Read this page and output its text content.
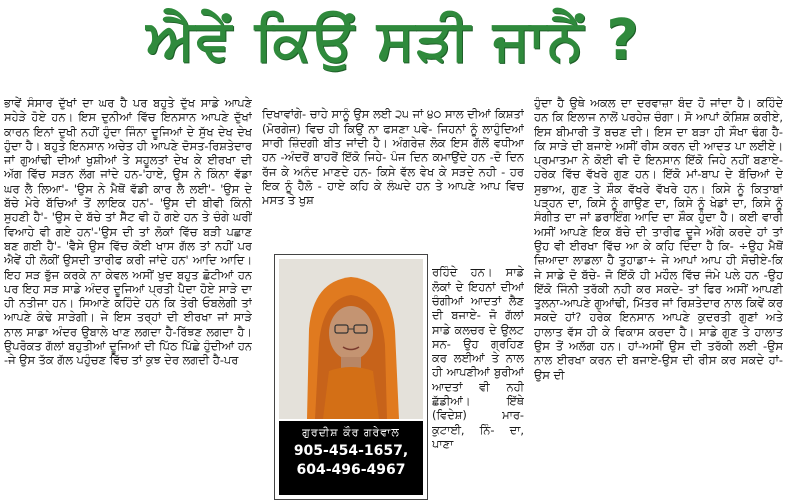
ਐਵੇਂ ਕਿਉਂ ਸੜੀ ਜਾਨੈਂ ?

ਭਾਵੇਂ ਸੰਸਾਰ ਦੁੱਖਾਂ ਦਾ ਘਰ ਹੈ ਪਰ ਬਹੁਤੇ ਦੁੱਖ ਸਾਡੇ ਆਪਣੇ ਸਹੇੜੇ ਹੋਏ ਹਨ। ਇਸ ਦੁਨੀਆਂ ਵਿੱਚ ਇਨਸਾਨ ਆਪਣੇ ਦੁੱਖਾਂ ਕਾਰਨ ਇਨਾਂ ਦੁਖੀ ਨਹੀਂ ਹੁੰਦਾ ਜਿੰਨਾ ਦੂਜਿਆਂ ਦੇ ਸੁੱਖ ਦੇਖ ਦੇਖ ਹੁੰਦਾ ਹੈ। ਬਹੁਤੇ ਇਨਸਾਨ ਅਚੇਤ ਹੀ ਆਪਣੇ ਦੋਸਤ-ਰਿਸ਼ਤੇਦਾਰ ਜਾਂ ਗੁਆਂਢੀ ਦੀਆਂ ਖੁਸ਼ੀਆਂ ਤੇ ਸਹੂਲਤਾਂ ਦੇਖ ਕੇ ਈਰਖਾ ਦੀ ਅੱਗ ਵਿੱਚ ਸੜਨ ਲੱਗ ਜਾਂਦੇ ਹਨ-'ਹਾਏ, ਉਸ ਨੇ ਕਿੰਨਾ ਵੱਡਾ ਘਰ ਲੈ ਲਿਆ'- 'ਉਸ ਨੇ ਮੈਥੋਂ ਵੱਡੀ ਕਾਰ ਲੈ ਲਈ'- 'ਉਸ ਦੇ ਬੱਚੇ ਮੇਰੇ ਬੱਚਿਆਂ ਤੋਂ ਲਾਇਕ ਹਨ'- 'ਉਸ ਦੀ ਬੀਵੀ ਕਿੰਨੀ ਸੁਹਣੀ ਹੈ'- 'ਉਸ ਦੇ ਬੱਚੇ ਤਾਂ ਸੈੱਟ ਵੀ ਹੋ ਗਏ ਹਨ ਤੇ ਚੰਗੇ ਘਰੀਂ ਵਿਆਹੇ ਵੀ ਗਏ ਹਨ'-'ਉਸ ਦੀ ਤਾਂ ਲੋਕਾਂ ਵਿੱਚ ਬੜੀ ਪਛਾਣ ਬਣ ਗਈ ਹੈ'- 'ਵੈਸੇ ਉਸ ਵਿੱਚ ਕੋਈ ਖਾਸ ਗੱਲ ਤਾਂ ਨਹੀਂ ਪਰ ਐਵੇਂ ਹੀ ਲੋਕੀਂ ਉਸਦੀ ਤਾਰੀਫ ਕਰੀ ਜਾਂਦੇ ਹਨ' ਆਦਿ ਆਦਿ। ਇਹ ਸੜ ਭੁੱਜ ਕਰਕੇ ਨਾ ਕੇਵਲ ਅਸੀਂ ਖੁਦ ਬਹੁਤ ਛੋਟੀਆਂ ਹਨ ਪਰ ਇਹ ਸੜ ਸਾਡੇ ਅੰਦਰ ਦੂਜਿਆਂ ਪ੍ਰਤੀ ਪੈਦਾ ਹੋਏ ਸਾੜੇ ਦਾ ਹੀ ਨਤੀਜਾ ਹਨ। ਸਿਆਣੇ ਕਹਿੰਦੇ ਹਨ ਕਿ ਤੇਰੀ ਓਬਲੇਗੀ ਤਾਂ ਆਪਣੇ ਕੰਢੇ ਸਾੜੇਗੀ। ਜੇ ਇਸ ਤਰ੍ਹਾਂ ਦੀ ਈਰਖਾ ਜਾਂ ਸਾੜੇ ਨਾਲ ਸਾਡਾ ਅੰਦਰ ਉਬਾਲੇ ਖਾਣ ਲਗਦਾ ਹੈ-ਰਿੱਝਣ ਲਗਦਾ ਹੈ। ਉਪਰੋਕਤ ਗੱਲਾਂ ਬਹੁਤੀਆਂ ਦੂਜਿਆਂ ਦੀ ਪਿੱਠ ਪਿੱਛੇ ਹੁੰਦੀਆਂ ਹਨ -ਜੇ ਉਸ ਤੱਕ ਗੱਲ ਪਹੁੰਚਣ ਵਿੱਚ ਤਾਂ ਕੁਝ ਦੇਰ ਲਗਦੀ ਹੈ-ਪਰ

ਦਿਖਾਵਾਂਗੇ- ਚਾਹੇ ਸਾਨੂੰ ਉਸ ਲਈ ੨੫ ਜਾਂ ੪੦ ਸਾਲ ਦੀਆਂ ਕਿਸ਼ਤਾਂ (ਮੋਰਗੇਜ) ਵਿਚ ਹੀ ਕਿਉਂ ਨਾ ਫਸਣਾ ਪਵੇ- ਜਿਹਨਾਂ ਨੂੰ ਲਾਹੁੰਦਿਆਂ ਸਾਰੀ ਜ਼ਿੰਦਗੀ ਬੀਤ ਜਾਂਦੀ ਹੈ। ਅੰਗਰੇਜ਼ ਲੋਕ ਇਸ ਗੱਲੋਂ ਵਧੀਆ ਹਨ -ਅੰਦਰੋਂ ਬਾਹਰੋਂ ਇੱਕੋ ਜਿਹੇ- ਪੰਜ ਦਿਨ ਕਮਾਉਂਦੇ ਹਨ -ਦੋ ਦਿਨ ਰੱਜ ਕੇ ਅਨੰਦ ਮਾਣਦੇ ਹਨ- ਕਿਸੇ ਵੱਲ ਵੇਖ ਕੇ ਸੜਦੇ ਨਹੀ - ਹਰ ਇਕ ਨੂੰ ਹੈਲੋ - ਹਾਏ ਕਹਿ ਕੇ ਲੰਘਦੇ ਹਨ ਤੇ ਆਪਣੇ ਆਪ ਵਿਚ ਮਸਤ ਤੇ ਖੁਸ਼

ਗੁਰਦੀਸ਼ ਕੌਰ ਗਰੇਵਾਲ
905-454-1657,
604-496-4967

ਰਹਿੰਦੇ ਹਨ। ਸਾਡੇ ਲੋਕਾਂ ਦੇ ਇਹਨਾਂ ਦੀਆਂ ਚੰਗੀਆਂ ਆਦਤਾਂ ਲੈਣ ਦੀ ਬਜਾਏ- ਜੋ ਗੱਲਾਂ ਸਾਡੇ ਕਲਚਰ ਦੇ ਉਲਟ ਸਨ- ਉਹ ਗ੍ਰਹਿਣ ਕਰ ਲਈਆਂ ਤੇ ਨਾਲ ਹੀ ਆਪਣੀਆਂ ਬੁਰੀਆਂ ਆਦਤਾਂ ਵੀ ਨਹੀ ਛੱਡੀਆਂ। ਇੱਥੇ (ਵਿਦੇਸ਼) ਮਾਰ- ਕੁਟਾਈ, ਨਿੰ- ਦਾ, ਪਾਣਾ

ਹੁੰਦਾ ਹੈ ਉਥੇ ਅਕਲ ਦਾ ਦਰਵਾਜ਼ਾ ਬੰਦ ਹੋ ਜਾਂਦਾ ਹੈ। ਕਹਿੰਦੇ ਹਨ ਕਿ ਇਲਾਜ ਨਾਲੋਂ ਪਰਹੇਜ਼ ਚੰਗਾ। ਸੋ ਆਪਾਂ ਕੋਸ਼ਿਸ਼ ਕਰੀਏ, ਇਸ ਬੀਮਾਰੀ ਤੋਂ ਬਚਣ ਦੀ। ਇਸ ਦਾ ਬੜਾ ਹੀ ਸੌਖਾ ਢੰਗ ਹੈ-ਕਿ ਸਾੜੇ ਦੀ ਬਜਾਏ ਅਸੀਂ ਰੀਸ ਕਰਨ ਦੀ ਆਦਤ ਪਾ ਲਈਏ। ਪ੍ਰਮਾਤਮਾ ਨੇ ਕੋਈ ਵੀ ਦੋ ਇਨਸਾਨ ਇੱਕੋ ਜਿਹੇ ਨਹੀਂ ਬਣਾਏ- ਹਰੇਕ ਵਿੱਚ ਵੱਖਰੇ ਗੁਣ ਹਨ। ਇੱਕੋ ਮਾਂ-ਬਾਪ ਦੇ ਬੱਚਿਆਂ ਦੇ ਸੁਭਾਅ, ਗੁਣ ਤੇ ਸ਼ੌਕ ਵੱਖਰੇ ਵੱਖਰੇ ਹਨ। ਕਿਸੇ ਨੂੰ ਕਿਤਾਬਾਂ ਪੜ੍ਹਨ ਦਾ, ਕਿਸੇ ਨੂੰ ਗਾਉਣ ਦਾ, ਕਿਸੇ ਨੂੰ ਖੇਡਾਂ ਦਾ, ਕਿਸੇ ਨੂੰ ਸੰਗੀਤ ਦਾ ਜਾਂ ਡਰਾਇੰਗ ਆਦਿ ਦਾ ਸ਼ੌਕ ਹੁੰਦਾ ਹੈ। ਕਈ ਵਾਰੀ ਅਸੀਂ ਆਪਣੇ ਇਕ ਬੱਚੇ ਦੀ ਤਾਰੀਫ ਦੂਜੇ ਅੱਗੇ ਕਰਦੇ ਹਾਂ ਤਾਂ ਉਹ ਵੀ ਈਰਖਾ ਵਿੱਚ ਆ ਕੇ ਕਹਿ ਦਿੰਦਾ ਹੈ ਕਿ- ÷ਉਹ ਮੈਥੋਂ ਜ਼ਿਆਦਾ ਲਾਡਲਾ ਹੈ ਤੁਹਾਡਾ÷ ਜੇ ਆਪਾਂ ਆਪ ਹੀ ਸੋਚੀਏ-ਕਿ ਜੇ ਸਾਡੇ ਦੋ ਬੱਚੇ- ਜੋ ਇੱਕੋ ਹੀ ਮਹੌਲ ਵਿੱਚ ਜੰਮੇ ਪਲੇ ਹਨ -ਉਹ ਇੱਕੋ ਜਿੰਨੀ ਤਰੱਕੀ ਨਹੀ ਕਰ ਸਕਦੇ- ਤਾਂ ਫਿਰ ਅਸੀਂ ਆਪਣੀ ਤੁਲਨਾ-ਆਪਣੇ ਗੁਆਂਢੀ, ਮਿੱਤਰ ਜਾਂ ਰਿਸ਼ਤੇਦਾਰ ਨਾਲ ਕਿਵੇਂ ਕਰ ਸਕਦੇ ਹਾਂ? ਹਰੇਕ ਇਨਸਾਨ ਆਪਣੇ ਕੁਦਰਤੀ ਗੁਣਾਂ ਅਤੇ ਹਾਲਾਤ ਵੱਸ ਹੀ ਕੇ ਵਿਕਾਸ ਕਰਦਾ ਹੈ। ਸਾਡੇ ਗੁਣ ਤੇ ਹਾਲਾਤ ਉਸ ਤੋਂ ਅਲੱਗ ਹਨ। ਹਾਂ-ਅਸੀਂ ਉਸ ਦੀ ਤਰੱਕੀ ਲਈ -ਉਸ ਨਾਲ ਈਰਖਾ ਕਰਨ ਦੀ ਬਜਾਏ-ਉਸ ਦੀ ਰੀਸ ਕਰ ਸਕਦੇ ਹਾਂ- ਉਸ ਦੀ
